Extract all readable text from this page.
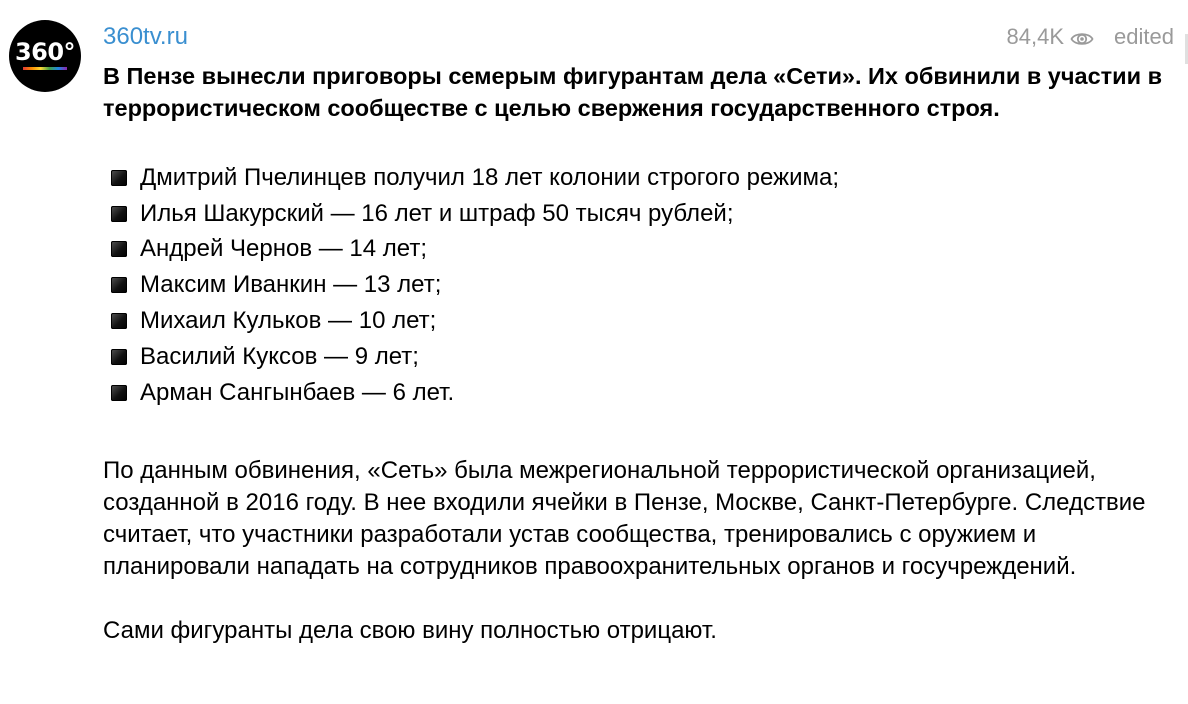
360°
360tv.ru	84,4K edited

В Пензе вынесли приговоры семерым фигурантам дела «Сети». Их обвинили в участии в террористическом сообществе с целью свержения государственного строя.

Дмитрий Пчелинцев получил 18 лет колонии строгого режима;
Илья Шакурский — 16 лет и штраф 50 тысяч рублей;
Андрей Чернов — 14 лет;
Максим Иванкин — 13 лет;
Михаил Кульков — 10 лет;
Василий Куксов — 9 лет;
Арман Сангынбаев — 6 лет.

По данным обвинения, «Сеть» была межрегиональной террористической организацией, созданной в 2016 году. В нее входили ячейки в Пензе, Москве, Санкт-Петербурге. Следствие считает, что участники разработали устав сообщества, тренировались с оружием и планировали нападать на сотрудников правоохранительных органов и госучреждений.

Сами фигуранты дела свою вину полностью отрицают.
